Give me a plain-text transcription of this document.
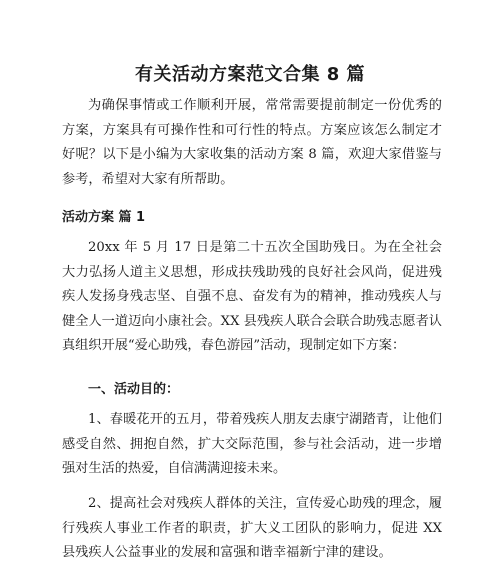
有关活动方案范文合集 8 篇

为确保事情或工作顺利开展，常常需要提前制定一份优秀的方案，方案具有可操作性和可行性的特点。方案应该怎么制定才好呢？以下是小编为大家收集的活动方案 8 篇，欢迎大家借鉴与参考，希望对大家有所帮助。

活动方案 篇 1

20xx 年 5 月 17 日是第二十五次全国助残日。为在全社会大力弘扬人道主义思想，形成扶残助残的良好社会风尚，促进残疾人发扬身残志坚、自强不息、奋发有为的精神，推动残疾人与健全人一道迈向小康社会。XX 县残疾人联合会联合助残志愿者认真组织开展“爱心助残，春色游园”活动，现制定如下方案：

一、活动目的：

1、春暖花开的五月，带着残疾人朋友去康宁湖踏青，让他们感受自然、拥抱自然，扩大交际范围，参与社会活动，进一步增强对生活的热爱，自信满满迎接未来。

2、提高社会对残疾人群体的关注，宣传爱心助残的理念，履行残疾人事业工作者的职责，扩大义工团队的影响力，促进 XX 县残疾人公益事业的发展和富强和谐幸福新宁津的建设。
